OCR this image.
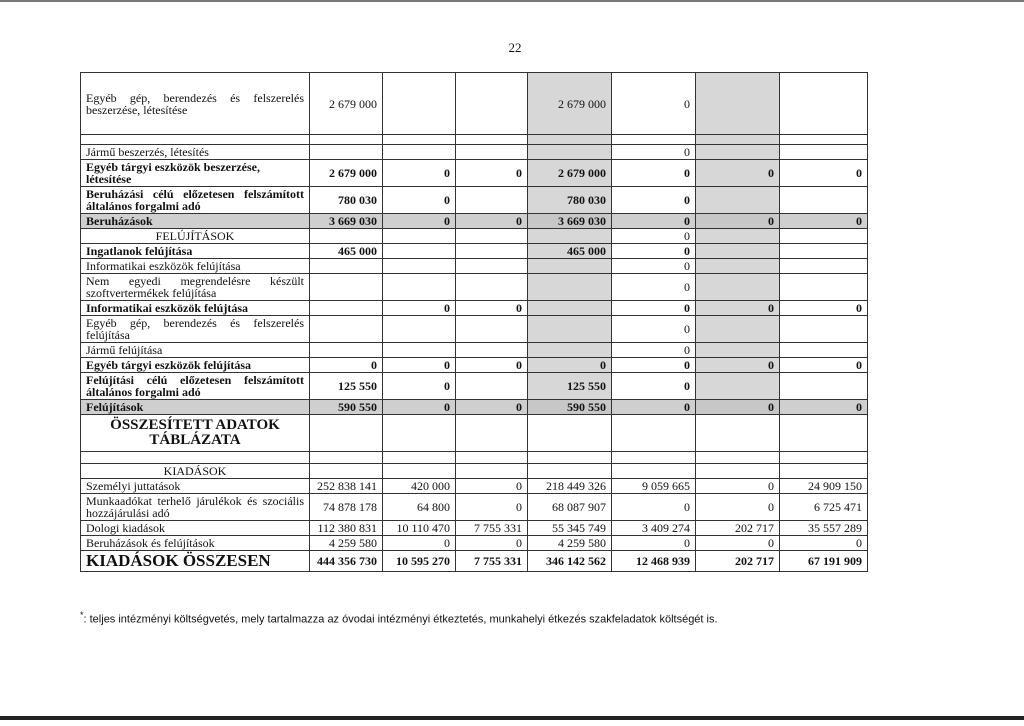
22
Egyéb gép, berendezés és felszerelés beszerzése, létesítése	2 679 000			2 679 000	0		

Jármű beszerzés, létesítés					0		
Egyéb tárgyi eszközök beszerzése, létesítése	2 679 000	0	0	2 679 000	0	0	0
Beruházási célú előzetesen felszámított általános forgalmi adó	780 030	0		780 030	0		
Beruházások	3 669 030	0	0	3 669 030	0	0	0
FELÚJÍTÁSOK					0		
Ingatlanok felújítása	465 000			465 000	0		
Informatikai eszközök felújítása					0		
Nem egyedi megrendelésre készült szoftvertermékek felújítása					0		
Informatikai eszközök felújtása		0	0		0	0	0
Egyéb gép, berendezés és felszerelés felújítása					0		
Jármű felújítása					0		
Egyéb tárgyi eszközök felújítása	0	0	0	0	0	0	0
Felújítási célú előzetesen felszámított általános forgalmi adó	125 550	0		125 550	0		
Felújítások	590 550	0	0	590 550	0	0	0
ÖSSZESÍTETT ADATOK TÁBLÁZATA							

KIADÁSOK							
Személyi juttatások	252 838 141	420 000	0	218 449 326	9 059 665	0	24 909 150
Munkaadókat terhelő járulékok és szociális hozzájárulási adó	74 878 178	64 800	0	68 087 907	0	0	6 725 471
Dologi kiadások	112 380 831	10 110 470	7 755 331	55 345 749	3 409 274	202 717	35 557 289
Beruházások és felújítások	4 259 580	0	0	4 259 580	0	0	0
KIADÁSOK ÖSSZESEN	444 356 730	10 595 270	7 755 331	346 142 562	12 468 939	202 717	67 191 909
*: teljes intézményi költségvetés, mely tartalmazza az óvodai intézményi étkeztetés, munkahelyi étkezés szakfeladatok költségét is.
